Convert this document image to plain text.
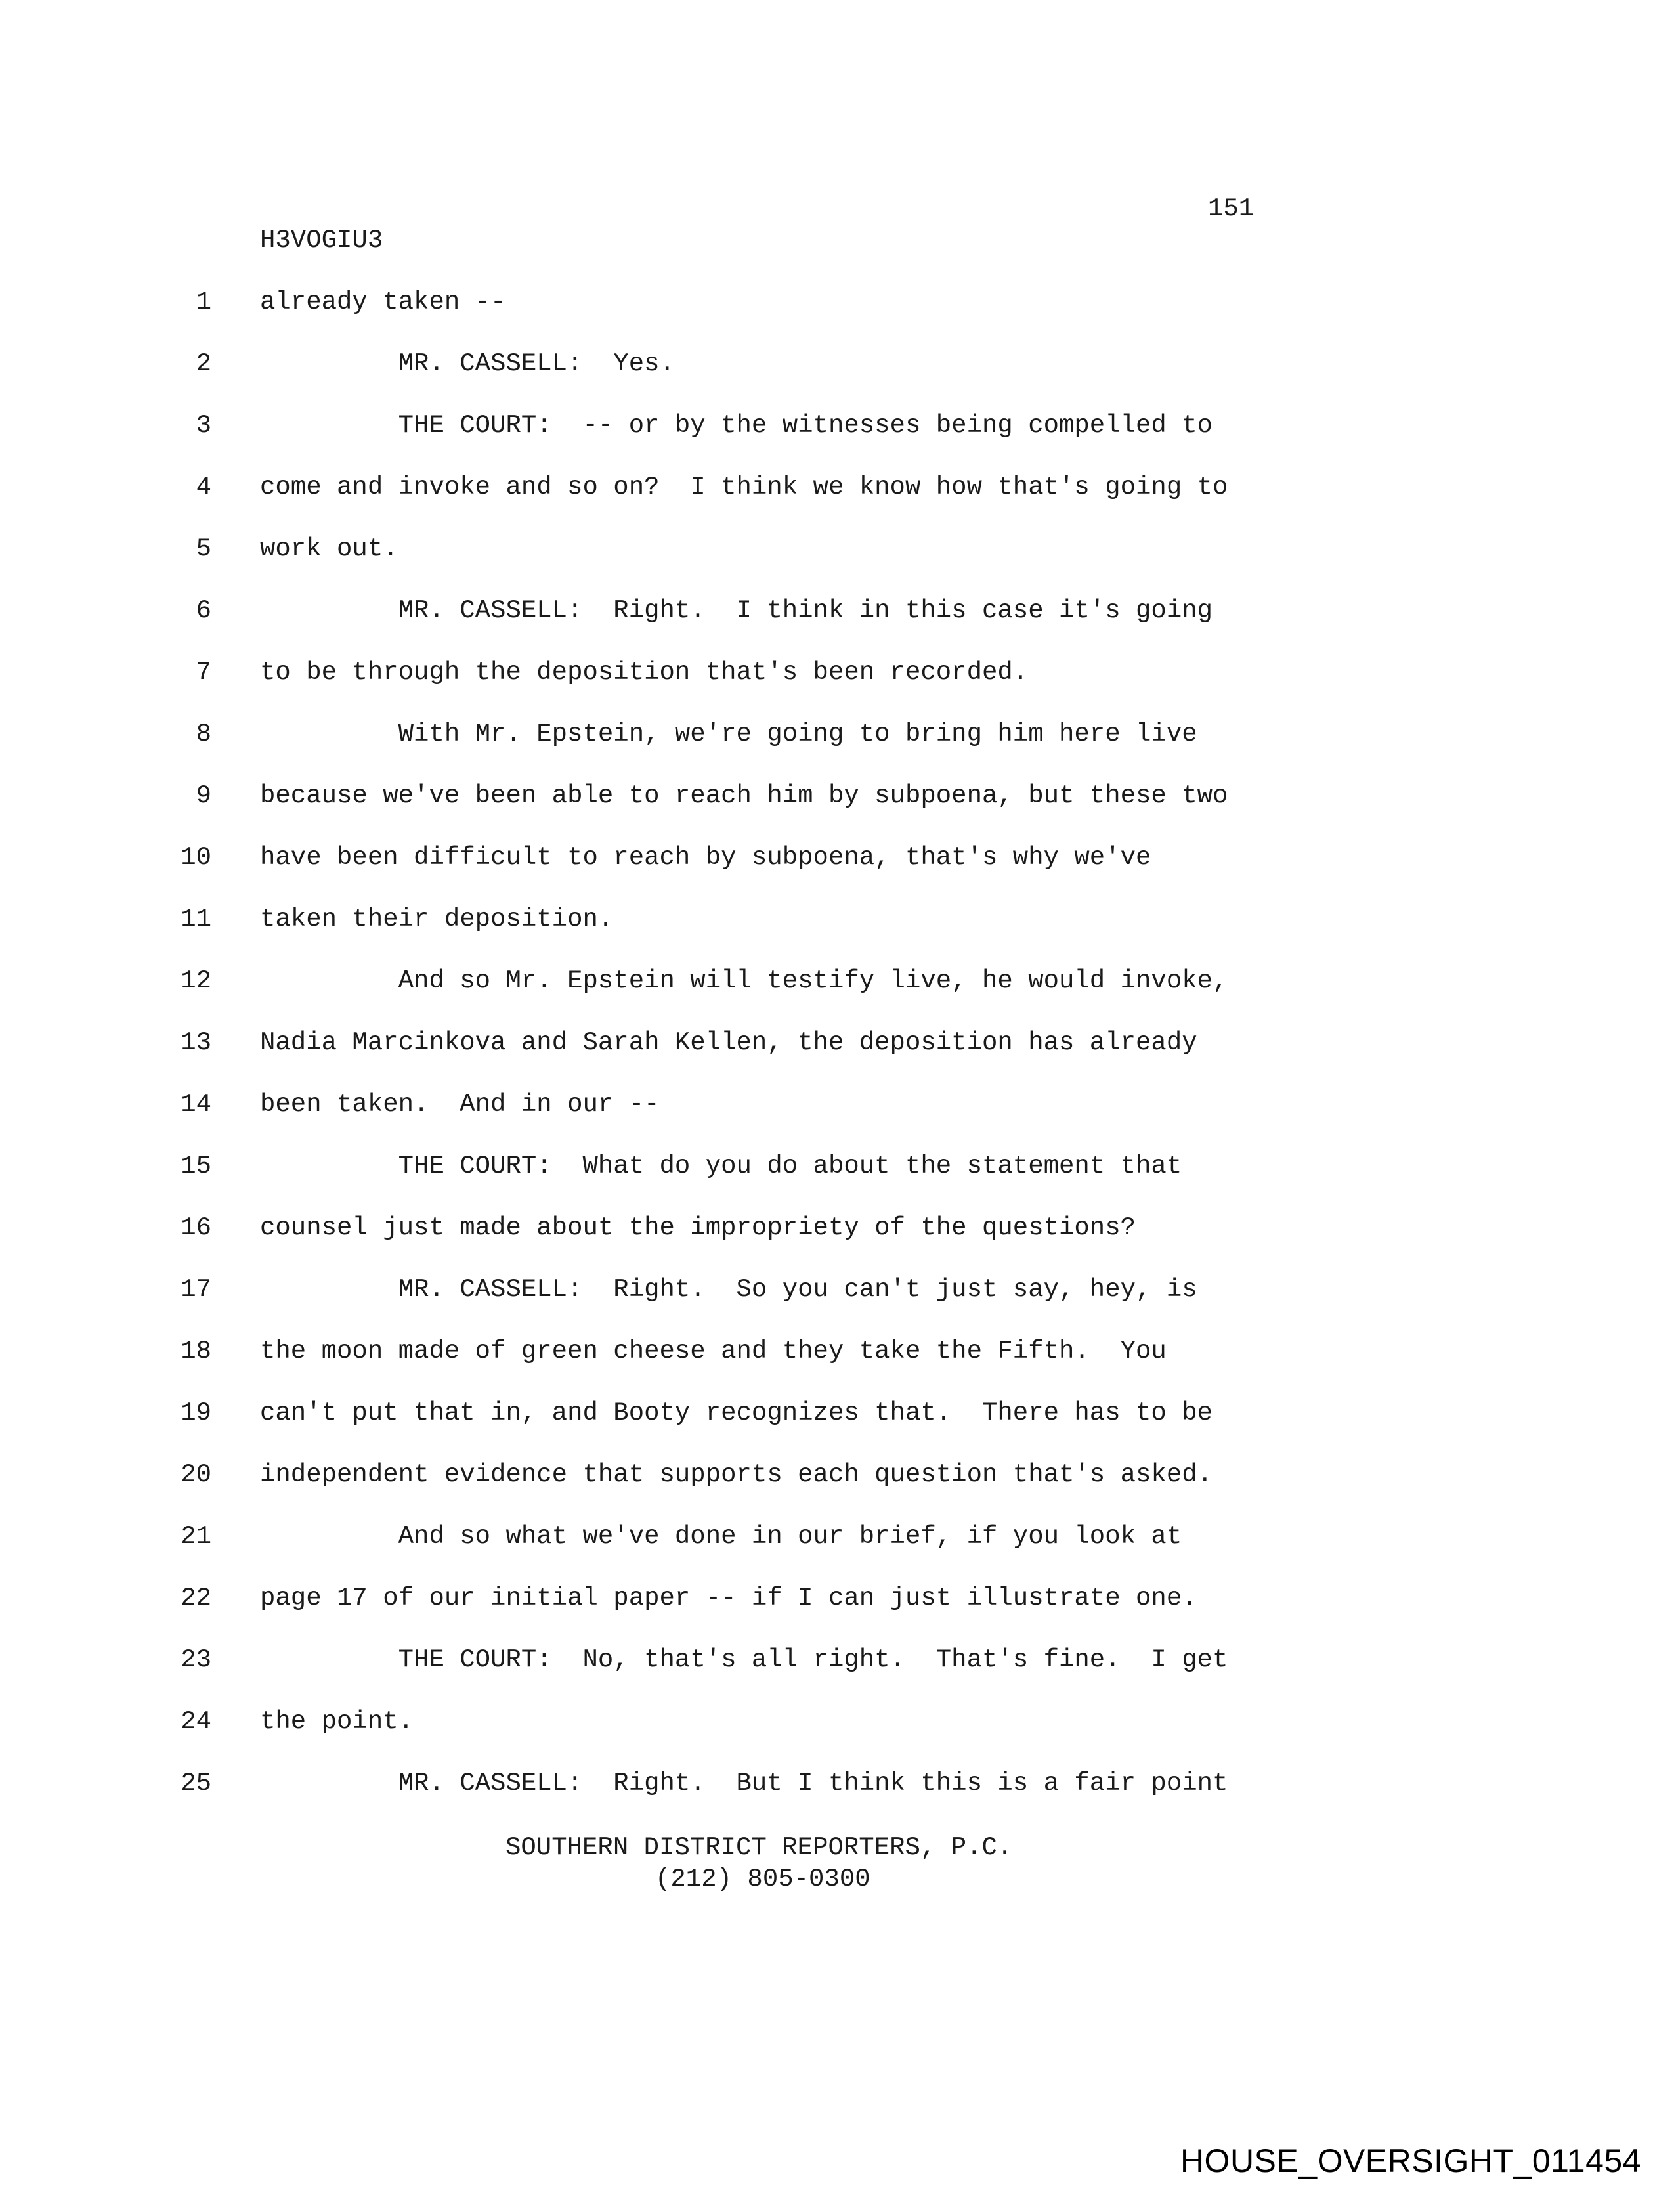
151
H3VOGIU3
1 already taken --
2 MR. CASSELL:  Yes.
3 THE COURT:  -- or by the witnesses being compelled to
4 come and invoke and so on?  I think we know how that's going to
5 work out.
6 MR. CASSELL:  Right.  I think in this case it's going
7 to be through the deposition that's been recorded.
8 With Mr. Epstein, we're going to bring him here live
9 because we've been able to reach him by subpoena, but these two
10 have been difficult to reach by subpoena, that's why we've
11 taken their deposition.
12 And so Mr. Epstein will testify live, he would invoke,
13 Nadia Marcinkova and Sarah Kellen, the deposition has already
14 been taken.  And in our --
15 THE COURT:  What do you do about the statement that
16 counsel just made about the impropriety of the questions?
17 MR. CASSELL:  Right.  So you can't just say, hey, is
18 the moon made of green cheese and they take the Fifth.  You
19 can't put that in, and Booty recognizes that.  There has to be
20 independent evidence that supports each question that's asked.
21 And so what we've done in our brief, if you look at
22 page 17 of our initial paper -- if I can just illustrate one.
23 THE COURT:  No, that's all right.  That's fine.  I get
24 the point.
25 MR. CASSELL:  Right.  But I think this is a fair point
SOUTHERN DISTRICT REPORTERS, P.C.
(212) 805-0300
HOUSE_OVERSIGHT_011454
